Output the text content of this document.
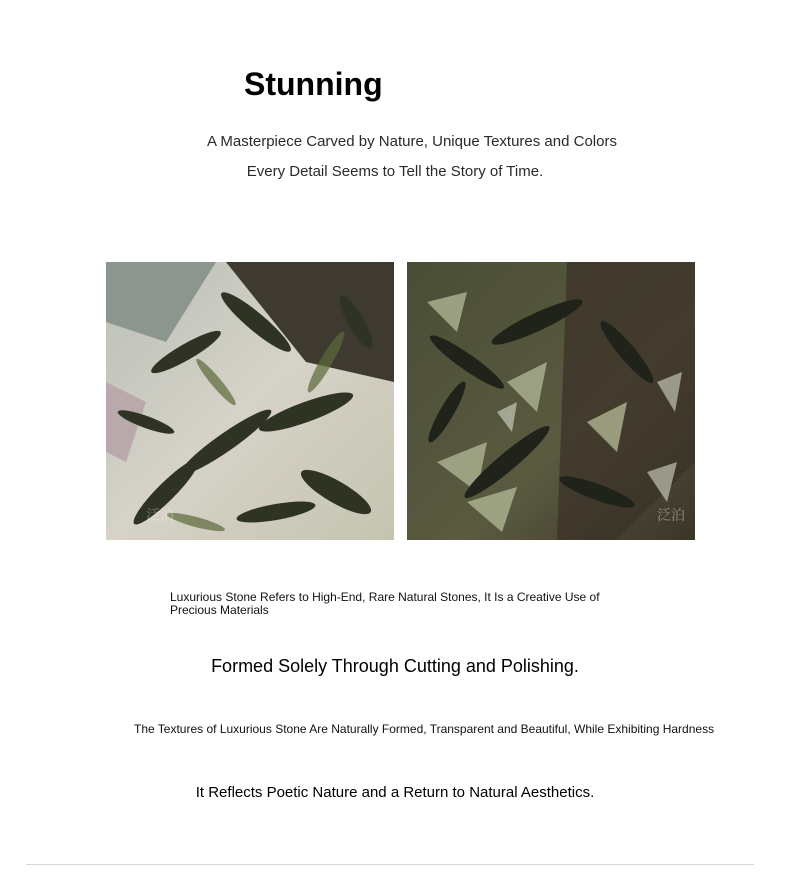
Stunning
A Masterpiece Carved by Nature, Unique Textures and Colors
Every Detail Seems to Tell the Story of Time.
泛泊	泛泊
Luxurious Stone Refers to High-End, Rare Natural Stones, It Is a Creative Use of Precious Materials
Formed Solely Through Cutting and Polishing.
The Textures of Luxurious Stone Are Naturally Formed, Transparent and Beautiful, While Exhibiting Hardness
It Reflects Poetic Nature and a Return to Natural Aesthetics.
